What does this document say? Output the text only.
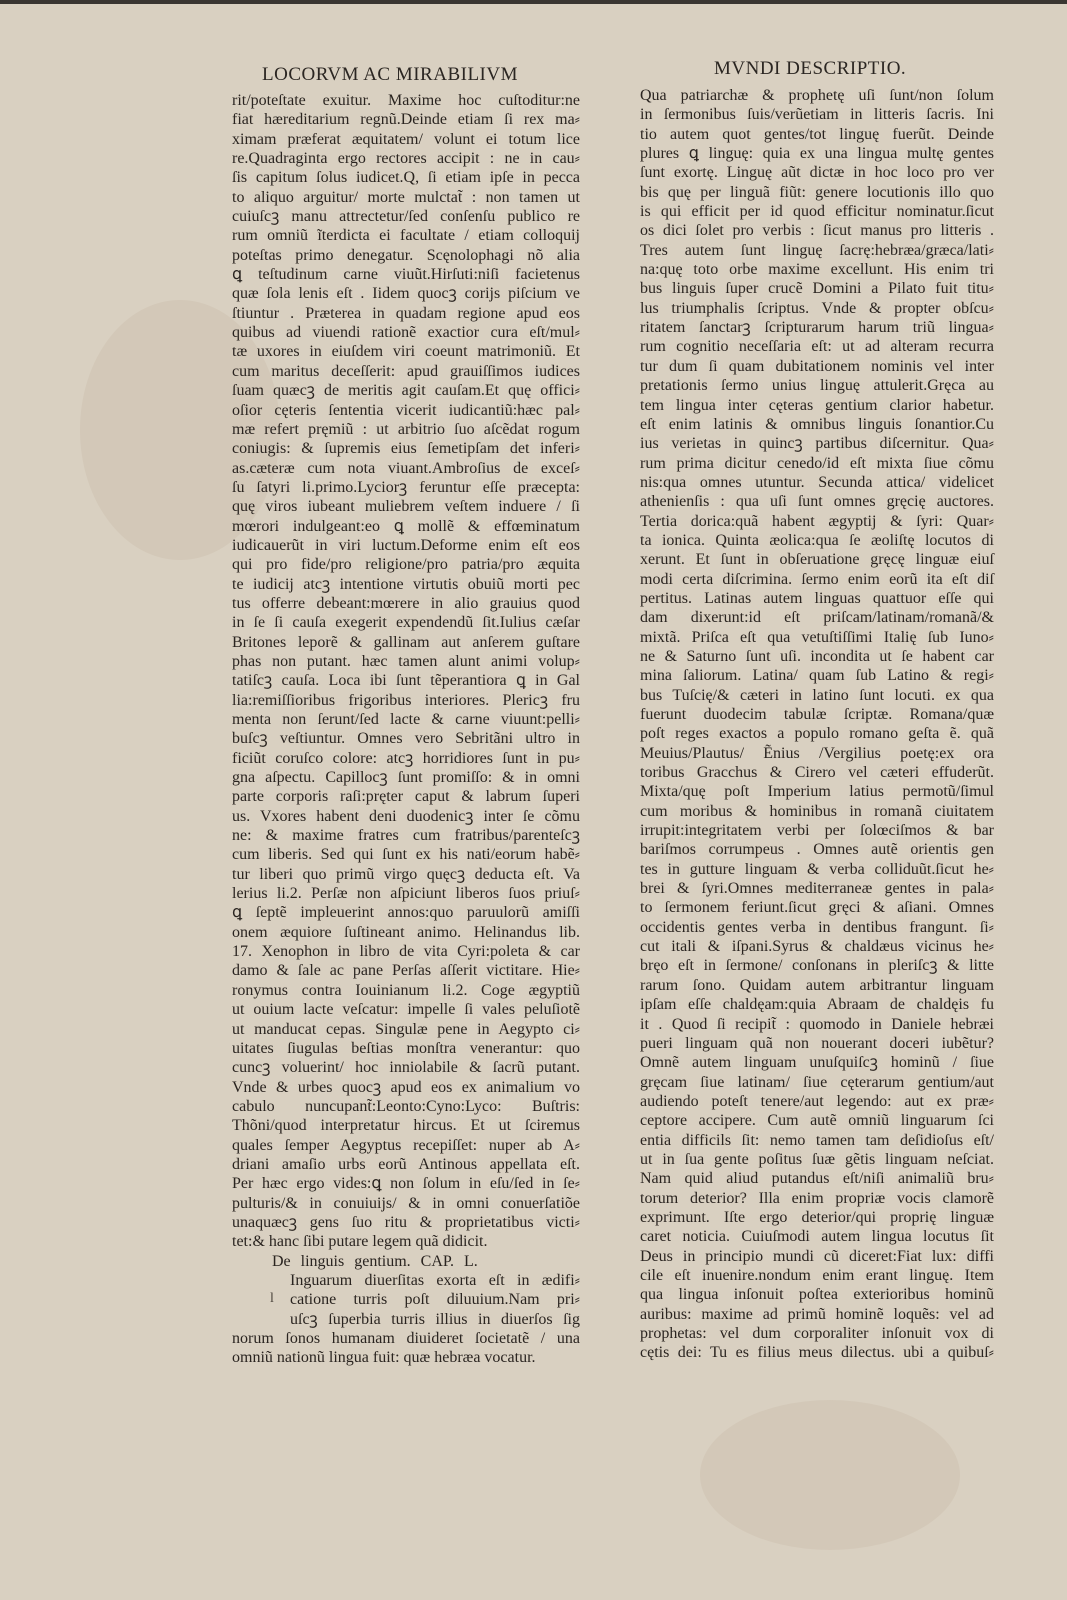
LOCORVM AC MIRABILIVM	MVNDI DESCRIPTIO.
rit/poteſtate exuitur. Maxime hoc cuſtoditur:ne
fiat hæreditarium regnũ.Deinde etiam ſi rex ma⸗
ximam præferat æquitatem/ volunt ei totum lice
re.Quadraginta ergo rectores accipit : ne in cau⸗
ſis capitum ſolus iudicet.Q, ſi etiam ipſe in pecca
to aliquo arguitur/ morte mulctat̃ : non tamen ut
cuiuſcꝫ manu attrectetur/ſed conſenſu publico re
rum omniũ ĩterdicta ei facultate / etiam colloquij
poteſtas primo denegatur. Scęnolophagi nõ alia
ꝗ teſtudinum carne viuũt.Hirſuti:niſi facietenus
quæ ſola lenis eſt . Iidem quocꝫ corijs piſcium ve
ſtiuntur . Præterea in quadam regione apud eos
quibus ad viuendi rationẽ exactior cura eſt/mul⸗
tæ uxores in eiuſdem viri coeunt matrimoniũ. Et
cum maritus deceſſerit: apud grauiſſimos iudices
ſuam quæcꝫ de meritis agit cauſam.Et quę offici⸗
oſior cęteris ſententia vicerit iudicantiũ:hæc pal⸗
mæ refert pręmiũ : ut arbitrio ſuo aſcẽdat rogum
coniugis: & ſupremis eius ſemetipſam det inferi⸗
as.cæteræ cum nota viuant.Ambroſius de exceſ⸗
ſu ſatyri li.primo.Lyciorꝫ feruntur eſſe præcepta:
quę viros iubeant muliebrem veſtem induere / ſi
mœrori indulgeant:eo ꝗ mollẽ & effœminatum
iudicauerũt in viri luctum.Deforme enim eſt eos
qui pro fide/pro religione/pro patria/pro æquita
te iudicij atcꝫ intentione virtutis obuiũ morti pec
tus offerre debeant:mœrere in alio grauius quod
in ſe ſi cauſa exegerit expendendũ ſit.Iulius cæſar
Britones leporẽ & gallinam aut anſerem guſtare
phas non putant. hæc tamen alunt animi volup⸗
tatiſcꝫ cauſa. Loca ibi ſunt tẽperantiora ꝗ in Gal
lia:remiſſioribus frigoribus interiores. Plericꝫ fru
menta non ſerunt/ſed lacte & carne viuunt:pelli⸗
buſcꝫ veſtiuntur. Omnes vero Sebritãni ultro in
ficiũt coruſco colore: atcꝫ horridiores ſunt in pu⸗
gna aſpectu. Capillocꝫ ſunt promiſſo: & in omni
parte corporis raſi:pręter caput & labrum ſuperi
us. Vxores habent deni duodenicꝫ inter ſe cõmu
ne: & maxime fratres cum fratribus/parenteſcꝫ
cum liberis. Sed qui ſunt ex his nati/eorum habẽ⸗
tur liberi quo primũ virgo quęcꝫ deducta eſt. Va
lerius li.2. Perſæ non aſpiciunt liberos ſuos priuſ⸗
ꝗ ſeptẽ impleuerint annos:quo paruulorũ amiſſi
onem æquiore ſuſtineant animo. Helinandus lib.
17. Xenophon in libro de vita Cyri:poleta & car
damo & ſale ac pane Perſas aſſerit victitare. Hie⸗
ronymus contra Iouinianum li.2. Coge ægyptiũ
ut ouium lacte veſcatur: impelle ſi vales peluſiotẽ
ut manducat cepas. Singulæ pene in Aegypto ci⸗
uitates ſiugulas beſtias monſtra venerantur: quo
cuncꝫ voluerint/ hoc inniolabile & ſacrũ putant.
Vnde & urbes quocꝫ apud eos ex animalium vo
cabulo nuncupant̃:Leonto:Cyno:Lyco: Buſtris:
Thõni/quod interpretatur hircus. Et ut ſciremus
quales ſemper Aegyptus recepiſſet: nuper ab A⸗
driani amaſio urbs eorũ Antinous appellata eſt.
Per hæc ergo vides:ꝗ non ſolum in eſu/ſed in ſe⸗
pulturis/& in conuiuijs/ & in omni conuerſatiõe
unaquæcꝫ gens ſuo ritu & proprietatibus victi⸗
tet:& hanc ſibi putare legem quã didicit.
De linguis gentium. CAP. L.
l
Inguarum diuerſitas exorta eſt in ædifi⸗
catione turris poſt diluuium.Nam pri⸗
uſcꝫ ſuperbia turris illius in diuerſos ſig
norum ſonos humanam diuideret ſocietatẽ / una
omniũ nationũ lingua fuit: quæ hebræa vocatur.
Qua patriarchæ & prophetę uſi ſunt/non ſolum
in ſermonibus ſuis/verũetiam in litteris ſacris. Ini
tio autem quot gentes/tot linguę fuerũt. Deinde
plures ꝗ linguę: quia ex una lingua multę gentes
ſunt exortę. Linguę aũt dictæ in hoc loco pro ver
bis quę per linguã fiũt: genere locutionis illo quo
is qui efficit per id quod efficitur nominatur.ſicut
os dici ſolet pro verbis : ſicut manus pro litteris .
Tres autem ſunt linguę ſacrę:hebræa/græca/lati⸗
na:quę toto orbe maxime excellunt. His enim tri
bus linguis ſuper crucẽ Domini a Pilato fuit titu⸗
lus triumphalis ſcriptus. Vnde & propter obſcu⸗
ritatem ſanctarꝫ ſcripturarum harum triũ lingua⸗
rum cognitio neceſſaria eſt: ut ad alteram recurra
tur dum ſi quam dubitationem nominis vel inter
pretationis ſermo unius linguę attulerit.Gręca au
tem lingua inter cęteras gentium clarior habetur.
eſt enim latinis & omnibus linguis ſonantior.Cu
ius verietas in quincꝫ partibus diſcernitur. Qua⸗
rum prima dicitur cenedo/id eſt mixta ſiue cõmu
nis:qua omnes utuntur. Secunda attica/ videlicet
athenienſis : qua uſi ſunt omnes gręcię auctores.
Tertia dorica:quã habent ægyptij & ſyri: Quar⸗
ta ionica. Quinta æolica:qua ſe æoliſtę locutos di
xerunt. Et ſunt in obſeruatione gręcę linguæ eiuſ
modi certa diſcrimina. ſermo enim eorũ ita eſt diſ
pertitus. Latinas autem linguas quattuor eſſe qui
dam dixerunt:id eſt priſcam/latinam/romanã/&
mixtã. Priſca eſt qua vetuſtiſſimi Italię ſub Iuno⸗
ne & Saturno ſunt uſi. incondita ut ſe habent car
mina ſaliorum. Latina/ quam ſub Latino & regi⸗
bus Tuſcię/& cæteri in latino ſunt locuti. ex qua
fuerunt duodecim tabulæ ſcriptæ. Romana/quæ
poſt reges exactos a populo romano geſta ẽ. quã
Meuius/Plautus/ Ẽnius /Vergilius poetę:ex ora
toribus Gracchus & Cirero vel cæteri effuderũt.
Mixta/quę poſt Imperium latius permotũ/ſimul
cum moribus & hominibus in romanã ciuitatem
irrupit:integritatem verbi per ſolœciſmos & bar
bariſmos corrumpeus . Omnes autẽ orientis gen
tes in gutture linguam & verba colliduũt.ſicut he⸗
brei & ſyri.Omnes mediterraneæ gentes in pala⸗
to ſermonem feriunt.ſicut gręci & aſiani. Omnes
occidentis gentes verba in dentibus frangunt. ſi⸗
cut itali & iſpani.Syrus & chaldæus vicinus he⸗
bręo eſt in ſermone/ conſonans in pleriſcꝫ & litte
rarum ſono. Quidam autem arbitrantur linguam
ipſam eſſe chaldęam:quia Abraam de chaldęis fu
it . Quod ſi recipit̃ : quomodo in Daniele hebræi
pueri linguam quã non nouerant doceri iubẽtur?
Omnẽ autem linguam unuſquiſcꝫ hominũ / ſiue
gręcam ſiue latinam/ ſiue cęterarum gentium/aut
audiendo poteſt tenere/aut legendo: aut ex præ⸗
ceptore accipere. Cum autẽ omniũ linguarum ſci
entia difficils ſit: nemo tamen tam deſidioſus eſt/
ut in ſua gente poſitus ſuæ gẽtis linguam neſciat.
Nam quid aliud putandus eſt/niſi animaliũ bru⸗
torum deterior? Illa enim propriæ vocis clamorẽ
exprimunt. Iſte ergo deterior/qui proprię linguæ
caret noticia. Cuiuſmodi autem lingua locutus ſit
Deus in principio mundi cũ diceret:Fiat lux: diffi
cile eſt inuenire.nondum enim erant linguę. Item
qua lingua inſonuit poſtea exterioribus hominũ
auribus: maxime ad primũ hominẽ loquẽs: vel ad
prophetas: vel dum corporaliter inſonuit vox di
cętis dei: Tu es filius meus dilectus. ubi a quibuſ⸗
